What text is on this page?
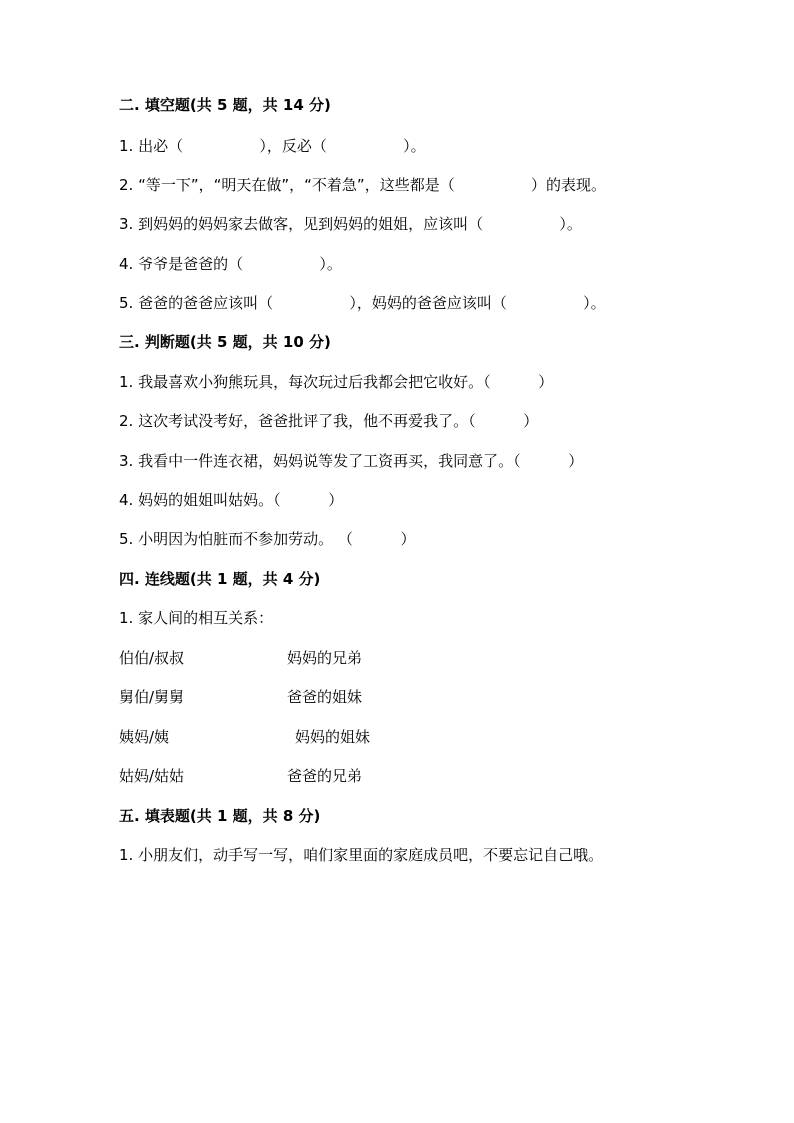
二. 填空题(共 5 题，共 14 分)
1. 出必（                ），反必（                ）。
2. “等一下”，“明天在做”，“不着急”，这些都是（                ）的表现。
3. 到妈妈的妈妈家去做客，见到妈妈的姐姐，应该叫（                ）。
4. 爷爷是爸爸的（                ）。
5. 爸爸的爸爸应该叫（                ），妈妈的爸爸应该叫（                ）。
三. 判断题(共 5 题，共 10 分)
1. 我最喜欢小狗熊玩具，每次玩过后我都会把它收好。（          ）
2. 这次考试没考好，爸爸批评了我，他不再爱我了。（          ）
3. 我看中一件连衣裙，妈妈说等发了工资再买，我同意了。（          ）
4. 妈妈的姐姐叫姑妈。（          ）
5. 小明因为怕脏而不参加劳动。 （          ）
四. 连线题(共 1 题，共 4 分)
1. 家人间的相互关系：
伯伯/叔叔	妈妈的兄弟
舅伯/舅舅	爸爸的姐妹
姨妈/姨	妈妈的姐妹
姑妈/姑姑	爸爸的兄弟
五. 填表题(共 1 题，共 8 分)
1. 小朋友们，动手写一写，咱们家里面的家庭成员吧，不要忘记自己哦。
